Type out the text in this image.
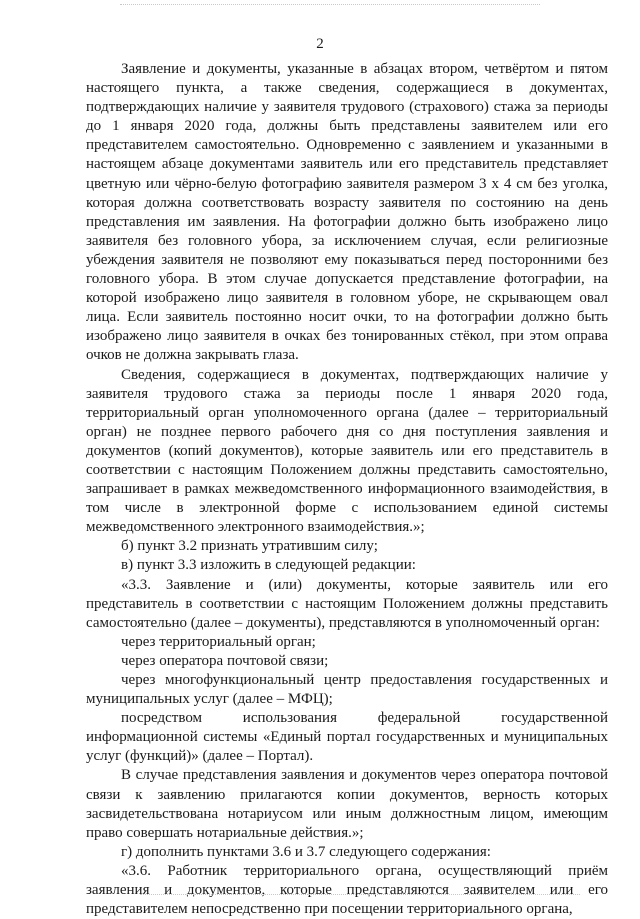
2

Заявление и документы, указанные в абзацах втором, четвёртом и пятом настоящего пункта, а также сведения, содержащиеся в документах, подтверждающих наличие у заявителя трудового (страхового) стажа за периоды до 1 января 2020 года, должны быть представлены заявителем или его представителем самостоятельно. Одновременно с заявлением и указанными в настоящем абзаце документами заявитель или его представитель представляет цветную или чёрно-белую фотографию заявителя размером 3 х 4 см без уголка, которая должна соответствовать возрасту заявителя по состоянию на день представления им заявления. На фотографии должно быть изображено лицо заявителя без головного убора, за исключением случая, если религиозные убеждения заявителя не позволяют ему показываться перед посторонними без головного убора. В этом случае допускается представление фотографии, на которой изображено лицо заявителя в головном уборе, не скрывающем овал лица. Если заявитель постоянно носит очки, то на фотографии должно быть изображено лицо заявителя в очках без тонированных стёкол, при этом оправа очков не должна закрывать глаза.

Сведения, содержащиеся в документах, подтверждающих наличие у заявителя трудового стажа за периоды после 1 января 2020 года, территориальный орган уполномоченного органа (далее – территориальный орган) не позднее первого рабочего дня со дня поступления заявления и документов (копий документов), которые заявитель или его представитель в соответствии с настоящим Положением должны представить самостоятельно, запрашивает в рамках межведомственного информационного взаимодействия, в том числе в электронной форме с использованием единой системы межведомственного электронного взаимодействия.»;

б) пункт 3.2 признать утратившим силу;

в) пункт 3.3 изложить в следующей редакции:

«3.3. Заявление и (или) документы, которые заявитель или его представитель в соответствии с настоящим Положением должны представить самостоятельно (далее – документы), представляются в уполномоченный орган:

через территориальный орган;

через оператора почтовой связи;

через многофункциональный центр предоставления государственных и муниципальных услуг (далее – МФЦ);

посредством использования федеральной государственной информационной системы «Единый портал государственных и муниципальных услуг (функций)» (далее – Портал).

В случае представления заявления и документов через оператора почтовой связи к заявлению прилагаются копии документов, верность которых засвидетельствована нотариусом или иным должностным лицом, имеющим право совершать нотариальные действия.»;

г) дополнить пунктами 3.6 и 3.7 следующего содержания:

«3.6. Работник территориального органа, осуществляющий приём заявления и документов, которые представляются заявителем или его представителем непосредственно при посещении территориального органа,
